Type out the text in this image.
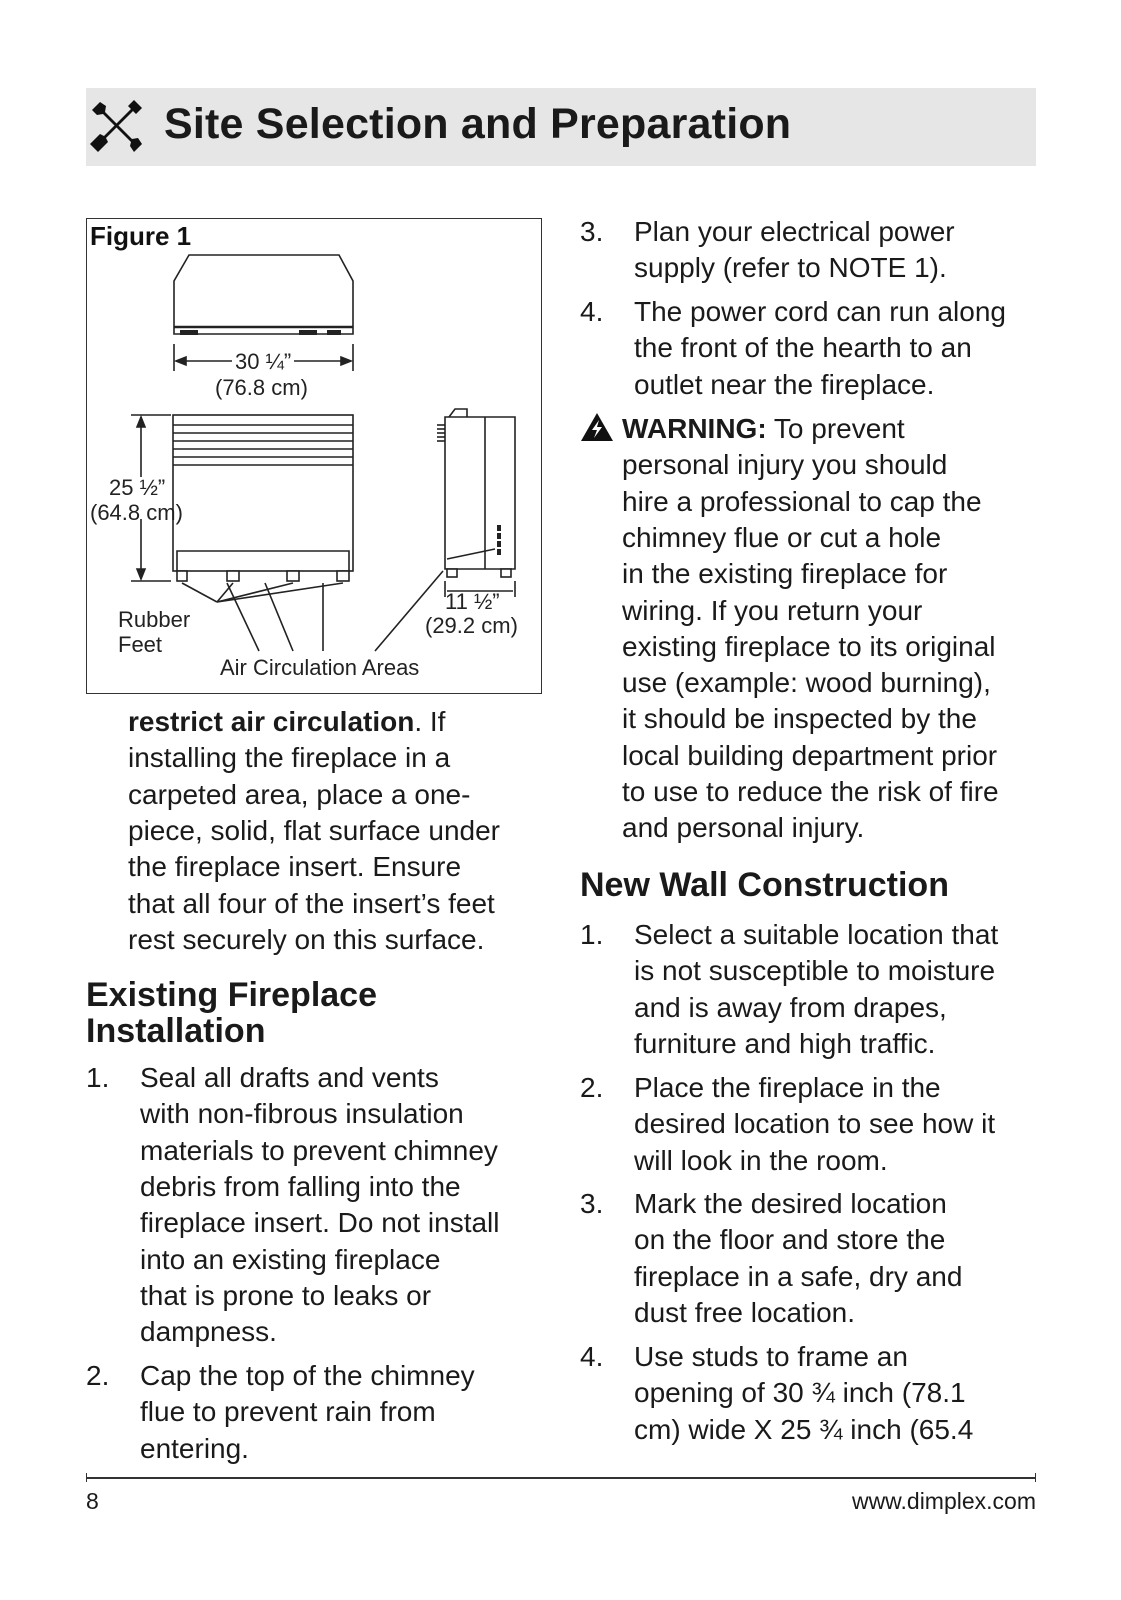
Site Selection and Preparation
Figure 1
30 ¼”
(76.8 cm)
25 ½”
(64.8 cm)
11 ½”
(29.2 cm)
Rubber
Feet
Air Circulation Areas
restrict air circulation. If
installing the fireplace in a
carpeted area, place a one-
piece, solid, flat surface under
the fireplace insert. Ensure
that all four of the insert’s feet
rest securely on this surface.
Existing Fireplace
Installation
1. Seal all drafts and vents
with non-fibrous insulation
materials to prevent chimney
debris from falling into the
fireplace insert. Do not install
into an existing fireplace
that is prone to leaks or
dampness.
2. Cap the top of the chimney
flue to prevent rain from
entering.
3. Plan your electrical power
supply (refer to NOTE 1).
4. The power cord can run along
the front of the hearth to an
outlet near the fireplace.
WARNING: To prevent
personal injury you should
hire a professional to cap the
chimney flue or cut a hole
in the existing fireplace for
wiring. If you return your
existing fireplace to its original
use (example: wood burning),
it should be inspected by the
local building department prior
to use to reduce the risk of fire
and personal injury.
New Wall Construction
1. Select a suitable location that
is not susceptible to moisture
and is away from drapes,
furniture and high traffic.
2. Place the fireplace in the
desired location to see how it
will look in the room.
3. Mark the desired location
on the floor and store the
fireplace in a safe, dry and
dust free location.
4. Use studs to frame an
opening of 30 ¾ inch (78.1
cm) wide X 25 ¾ inch (65.4
8	www.dimplex.com
